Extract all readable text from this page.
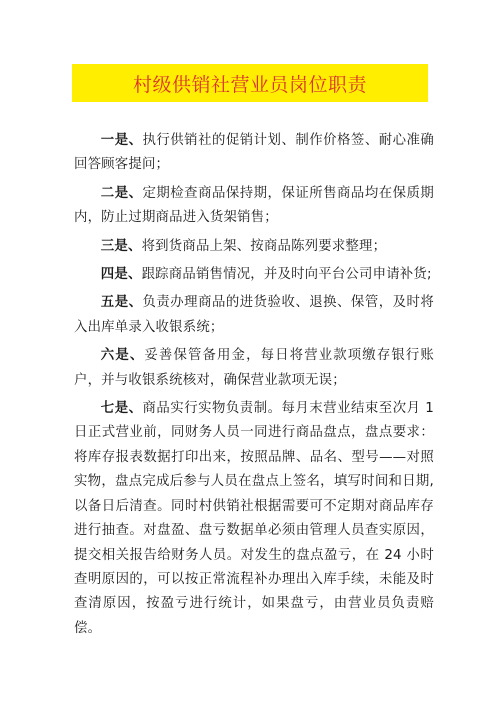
村级供销社营业员岗位职责

一是、执行供销社的促销计划、制作价格签、耐心准确回答顾客提问；

二是、定期检查商品保持期，保证所售商品均在保质期内，防止过期商品进入货架销售；

三是、将到货商品上架、按商品陈列要求整理；

四是、跟踪商品销售情况，并及时向平台公司申请补货;

五是、负责办理商品的进货验收、退换、保管，及时将入出库单录入收银系统；

六是、妥善保管备用金，每日将营业款项缴存银行账户，并与收银系统核对，确保营业款项无误；

七是、商品实行实物负责制。每月末营业结束至次月 1 日正式营业前，同财务人员一同进行商品盘点，盘点要求：将库存报表数据打印出来，按照品牌、品名、型号——对照实物，盘点完成后参与人员在盘点上签名，填写时间和日期,以备日后清查。同时村供销社根据需要可不定期对商品库存进行抽查。对盘盈、盘亏数据单必须由管理人员查实原因，提交相关报告给财务人员。对发生的盘点盈亏，在 24 小时查明原因的，可以按正常流程补办理出入库手续，未能及时查清原因，按盈亏进行统计，如果盘亏，由营业员负责赔偿。
